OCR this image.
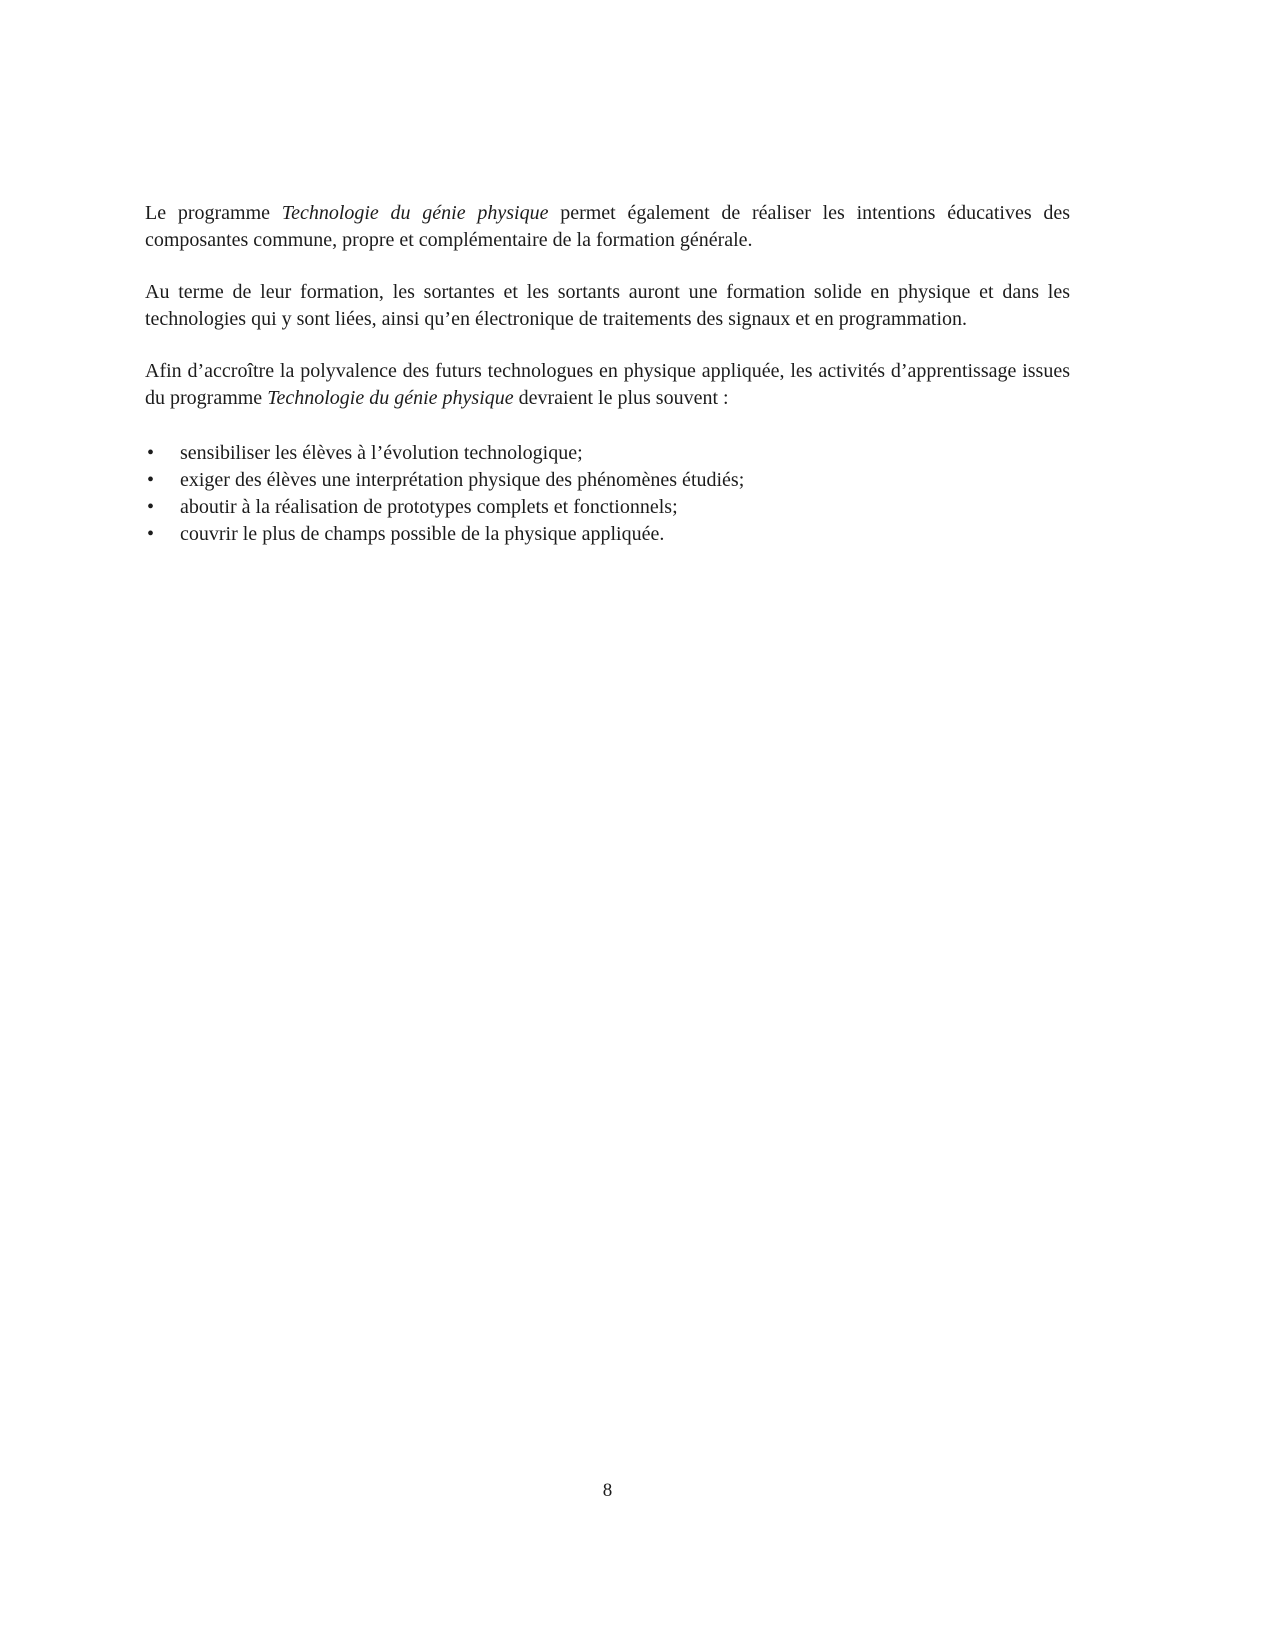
Le programme Technologie du génie physique permet également de réaliser les intentions éducatives des composantes commune, propre et complémentaire de la formation générale.

Au terme de leur formation, les sortantes et les sortants auront une formation solide en physique et dans les technologies qui y sont liées, ainsi qu’en électronique de traitements des signaux et en programmation.

Afin d’accroître la polyvalence des futurs technologues en physique appliquée, les activités d’apprentissage issues du programme Technologie du génie physique devraient le plus souvent :

• sensibiliser les élèves à l’évolution technologique;
• exiger des élèves une interprétation physique des phénomènes étudiés;
• aboutir à la réalisation de prototypes complets et fonctionnels;
• couvrir le plus de champs possible de la physique appliquée.
8
